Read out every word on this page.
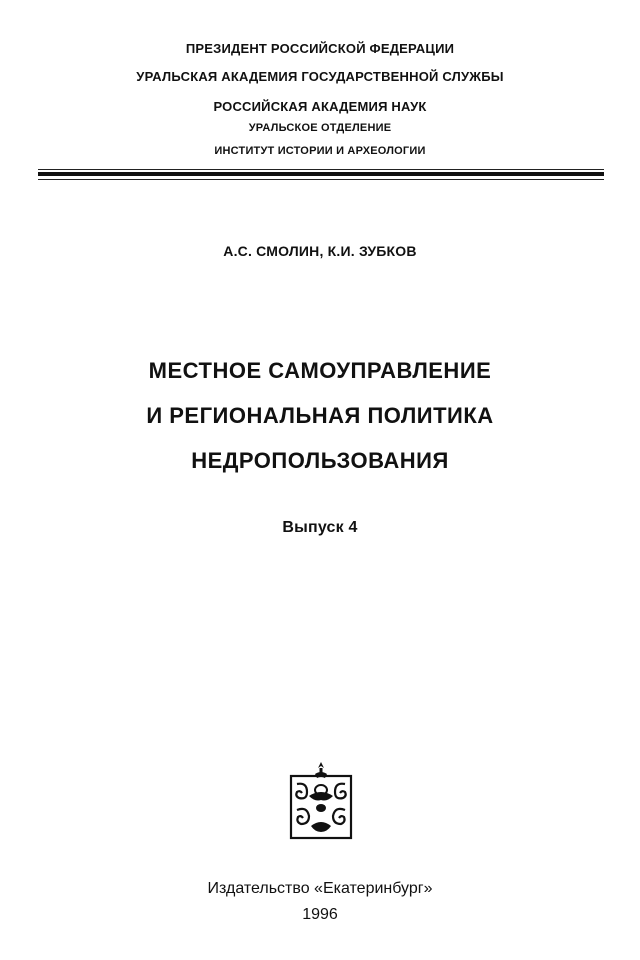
ПРЕЗИДЕНТ РОССИЙСКОЙ ФЕДЕРАЦИИ
УРАЛЬСКАЯ АКАДЕМИЯ ГОСУДАРСТВЕННОЙ СЛУЖБЫ
РОССИЙСКАЯ АКАДЕМИЯ НАУК
УРАЛЬСКОЕ ОТДЕЛЕНИЕ
ИНСТИТУТ ИСТОРИИ И АРХЕОЛОГИИ
А.С. СМОЛИН, К.И. ЗУБКОВ
МЕСТНОЕ САМОУПРАВЛЕНИЕ
И РЕГИОНАЛЬНАЯ ПОЛИТИКА
НЕДРОПОЛЬЗОВАНИЯ
Выпуск 4
Издательство «Екатеринбург»
1996
